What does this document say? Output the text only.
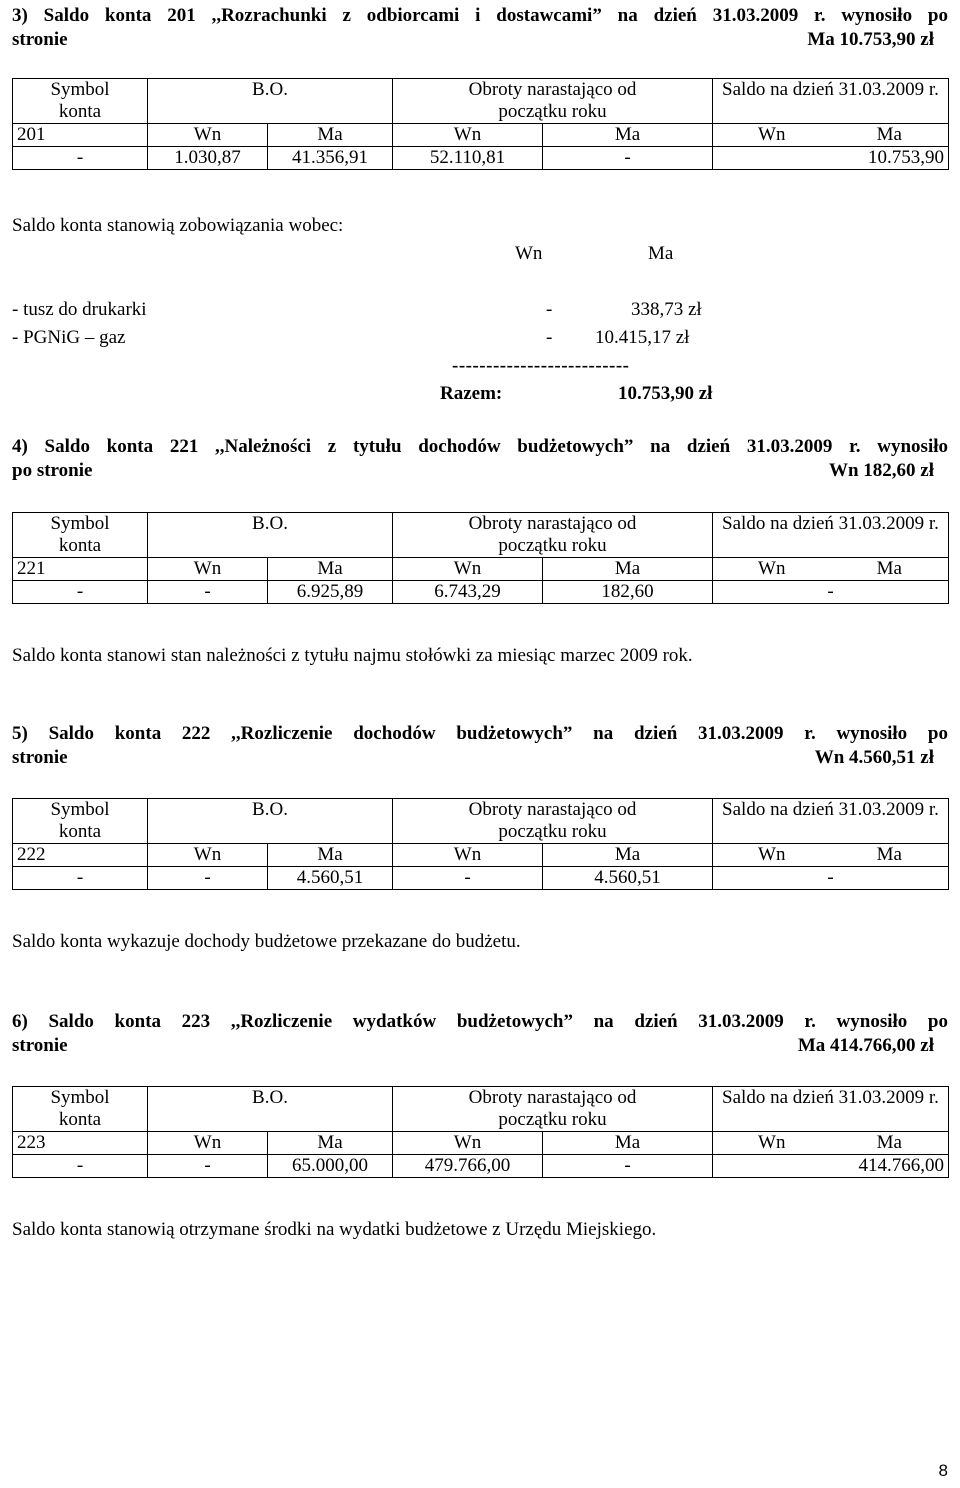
3) Saldo konta 201 ,,Rozrachunki z odbiorcami i dostawcami” na dzień 31.03.2009 r. wynosiło po
stronie	Ma 10.753,90 zł
Symbol	B.O.		Obroty narastająco od		Saldo na dzień 31.03.2009 r.
konta			początku roku		
201	Wn	Ma	Wn	Ma	Wn Ma

-	1.030,87	41.356,91	52.110,81	-	10.753,90
Saldo konta stanowią zobowiązania wobec:
Wn	Ma
- tusz do drukarki	-	338,73 zł
- PGNiG – gaz	- 10.415,17 zł
--------------------------
Razem:	10.753,90 zł
4) Saldo konta 221 ,,Należności z tytułu dochodów budżetowych” na dzień 31.03.2009 r. wynosiło
po stronie	Wn 182,60 zł
Symbol	B.O.		Obroty narastająco od		Saldo na dzień 31.03.2009 r.
konta			początku roku		
221	Wn	Ma	Wn	Ma	Wn Ma

-	-	6.925,89	6.743,29	182,60	-
Saldo konta stanowi stan należności z tytułu najmu stołówki za miesiąc marzec 2009 rok.
5) Saldo konta 222 ,,Rozliczenie dochodów budżetowych” na dzień 31.03.2009 r. wynosiło po
stronie	Wn 4.560,51 zł
Symbol	B.O.		Obroty narastająco od		Saldo na dzień 31.03.2009 r.
konta			początku roku		
222	Wn	Ma	Wn	Ma	Wn Ma

-	-	4.560,51	-	4.560,51	-
Saldo konta wykazuje dochody budżetowe przekazane do budżetu.
6) Saldo konta 223 ,,Rozliczenie wydatków budżetowych” na dzień 31.03.2009 r. wynosiło po
stronie	Ma 414.766,00 zł
Symbol	B.O.		Obroty narastająco od		Saldo na dzień 31.03.2009 r.
konta			początku roku		
223	Wn	Ma	Wn	Ma	Wn Ma

-	-	65.000,00	479.766,00	-	414.766,00
Saldo konta stanowią otrzymane środki na wydatki budżetowe z Urzędu Miejskiego.
8
